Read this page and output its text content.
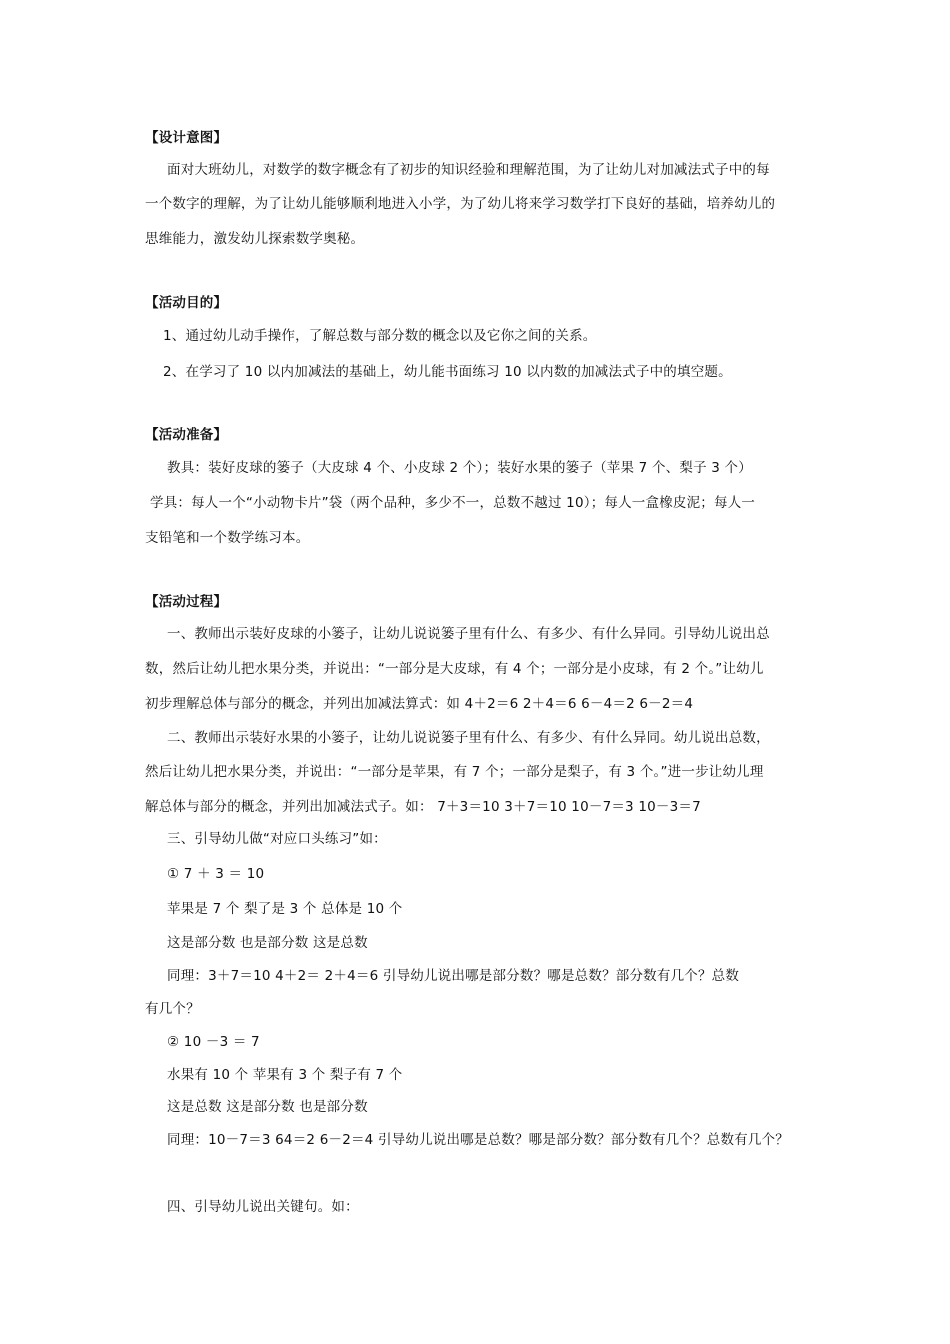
【设计意图】
面对大班幼儿，对数学的数字概念有了初步的知识经验和理解范围，为了让幼儿对加减法式子中的每
一个数字的理解，为了让幼儿能够顺利地进入小学，为了幼儿将来学习数学打下良好的基础，培养幼儿的
思维能力，激发幼儿探索数学奥秘。
【活动目的】
1、通过幼儿动手操作，了解总数与部分数的概念以及它你之间的关系。
2、在学习了 10 以内加减法的基础上，幼儿能书面练习 10 以内数的加减法式子中的填空题。
【活动准备】
教具：装好皮球的篓子（大皮球 4 个、小皮球 2 个）；装好水果的篓子（苹果 7 个、梨子 3 个）
学具：每人一个“小动物卡片”袋（两个品种，多少不一，总数不越过 10）；每人一盒橡皮泥；每人一
支铅笔和一个数学练习本。
【活动过程】
一、教师出示装好皮球的小篓子，让幼儿说说篓子里有什么、有多少、有什么异同。引导幼儿说出总
数，然后让幼儿把水果分类，并说出：“一部分是大皮球，有 4 个；一部分是小皮球，有 2 个。”让幼儿
初步理解总体与部分的概念，并列出加减法算式：如 4＋2＝6 2＋4＝6 6－4＝2 6－2＝4
二、教师出示装好水果的小篓子，让幼儿说说篓子里有什么、有多少、有什么异同。幼儿说出总数，
然后让幼儿把水果分类，并说出：“一部分是苹果，有 7 个；一部分是梨子，有 3 个。”进一步让幼儿理
解总体与部分的概念，并列出加减法式子。如： 7＋3＝10 3＋7＝10 10－7＝3 10－3＝7
三、引导幼儿做“对应口头练习”如：
① 7 ＋ 3 ＝ 10
苹果是 7 个 梨了是 3 个 总体是 10 个
这是部分数 也是部分数 这是总数
同理：3＋7＝10 4＋2＝ 2＋4＝6 引导幼儿说出哪是部分数？哪是总数？部分数有几个？总数
有几个？
② 10 －3 ＝ 7
水果有 10 个 苹果有 3 个 梨子有 7 个
这是总数 这是部分数 也是部分数
同理：10－7＝3 64＝2 6－2＝4 引导幼儿说出哪是总数？哪是部分数？部分数有几个？总数有几个？
四、引导幼儿说出关键句。如：
